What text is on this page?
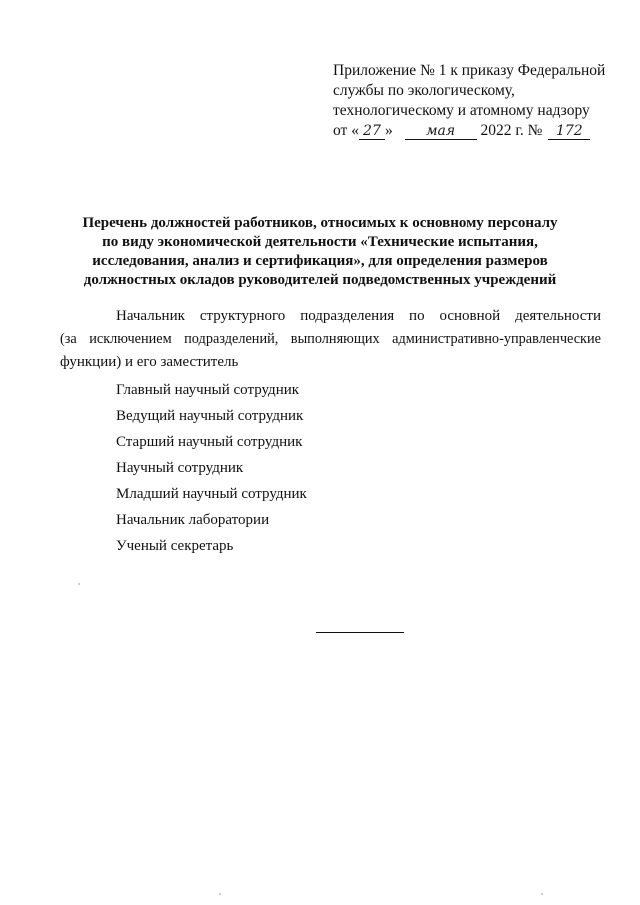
Приложение № 1 к приказу Федеральной
службы по экологическому,
технологическому и атомному надзору
от « 27 » мая 2022 г. № 172
Перечень должностей работников, относимых к основному персоналу
по виду экономической деятельности «Технические испытания,
исследования, анализ и сертификация», для определения размеров
должностных окладов руководителей подведомственных учреждений

Начальник структурного подразделения по основной деятельности

(за исключением подразделений, выполняющих административно-управленческие

функции) и его заместитель

Главный научный сотрудник
Ведущий научный сотрудник
Старший научный сотрудник
Научный сотрудник
Младший научный сотрудник
Начальник лаборатории
Ученый секретарь
